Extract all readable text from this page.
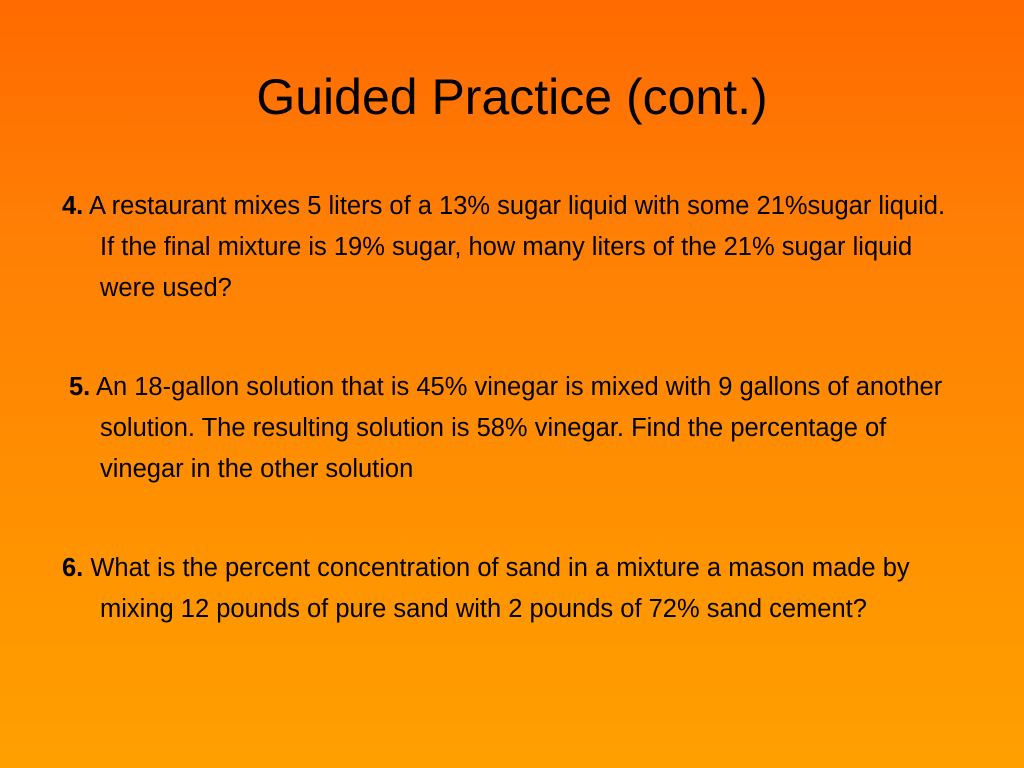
Guided Practice (cont.)
4. A restaurant mixes 5 liters of a 13% sugar liquid with some 21%sugar liquid. If the final mixture is 19% sugar, how many liters of the 21% sugar liquid were used?
5. An 18-gallon solution that is 45% vinegar is mixed with 9 gallons of another solution. The resulting solution is 58% vinegar. Find the percentage of vinegar in the other solution
6. What is the percent concentration of sand in a mixture a mason made by mixing 12 pounds of pure sand with 2 pounds of 72% sand cement?
